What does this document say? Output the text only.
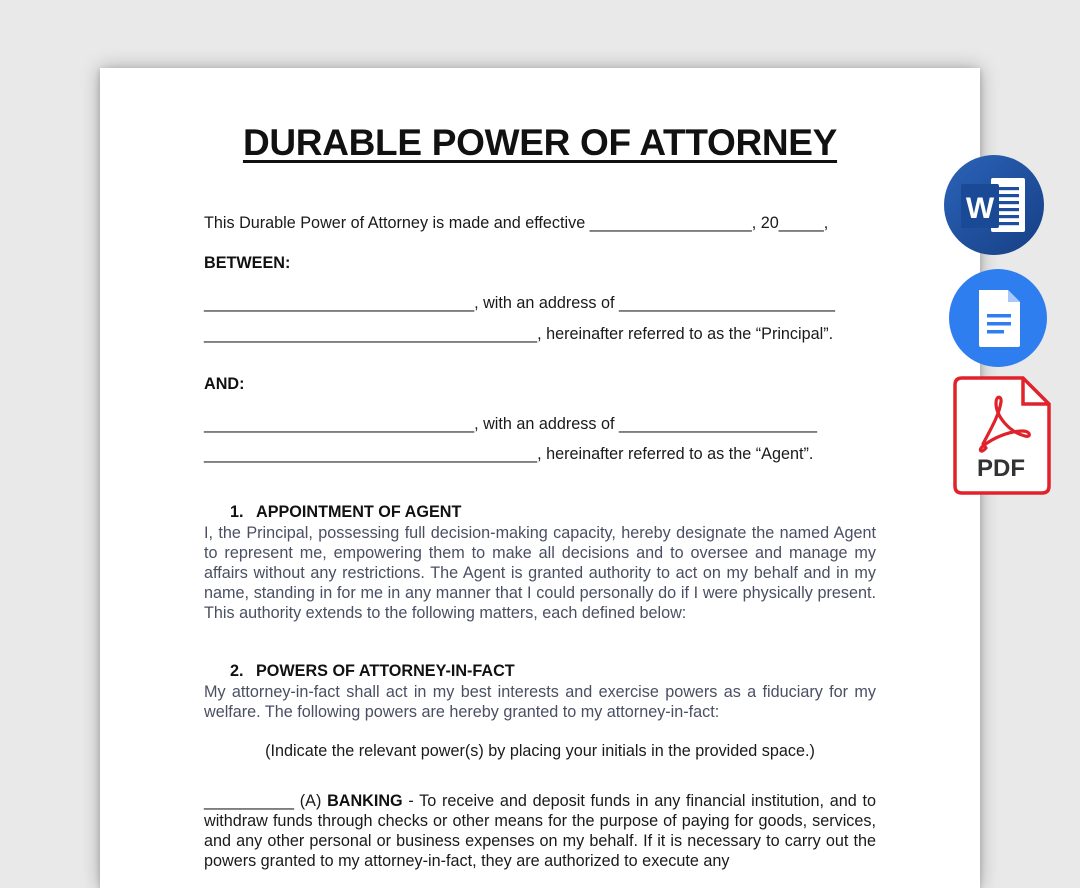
DURABLE POWER OF ATTORNEY

This Durable Power of Attorney is made and effective __________________, 20_____,

BETWEEN:

______________________________, with an address of ________________________

_____________________________________, hereinafter referred to as the “Principal”.

AND:

______________________________, with an address of ______________________

_____________________________________, hereinafter referred to as the “Agent”.

1. APPOINTMENT OF AGENT

I, the Principal, possessing full decision-making capacity, hereby designate the named Agent to represent me, empowering them to make all decisions and to oversee and manage my affairs without any restrictions. The Agent is granted authority to act on my behalf and in my name, standing in for me in any manner that I could personally do if I were physically present. This authority extends to the following matters, each defined below:

2. POWERS OF ATTORNEY-IN-FACT

My attorney-in-fact shall act in my best interests and exercise powers as a fiduciary for my welfare. The following powers are hereby granted to my attorney-in-fact:

(Indicate the relevant power(s) by placing your initials in the provided space.)

__________ (A) BANKING - To receive and deposit funds in any financial institution, and to withdraw funds through checks or other means for the purpose of paying for goods, services, and any other personal or business expenses on my behalf. If it is necessary to carry out the powers granted to my attorney-in-fact, they are authorized to execute any

W
PDF
